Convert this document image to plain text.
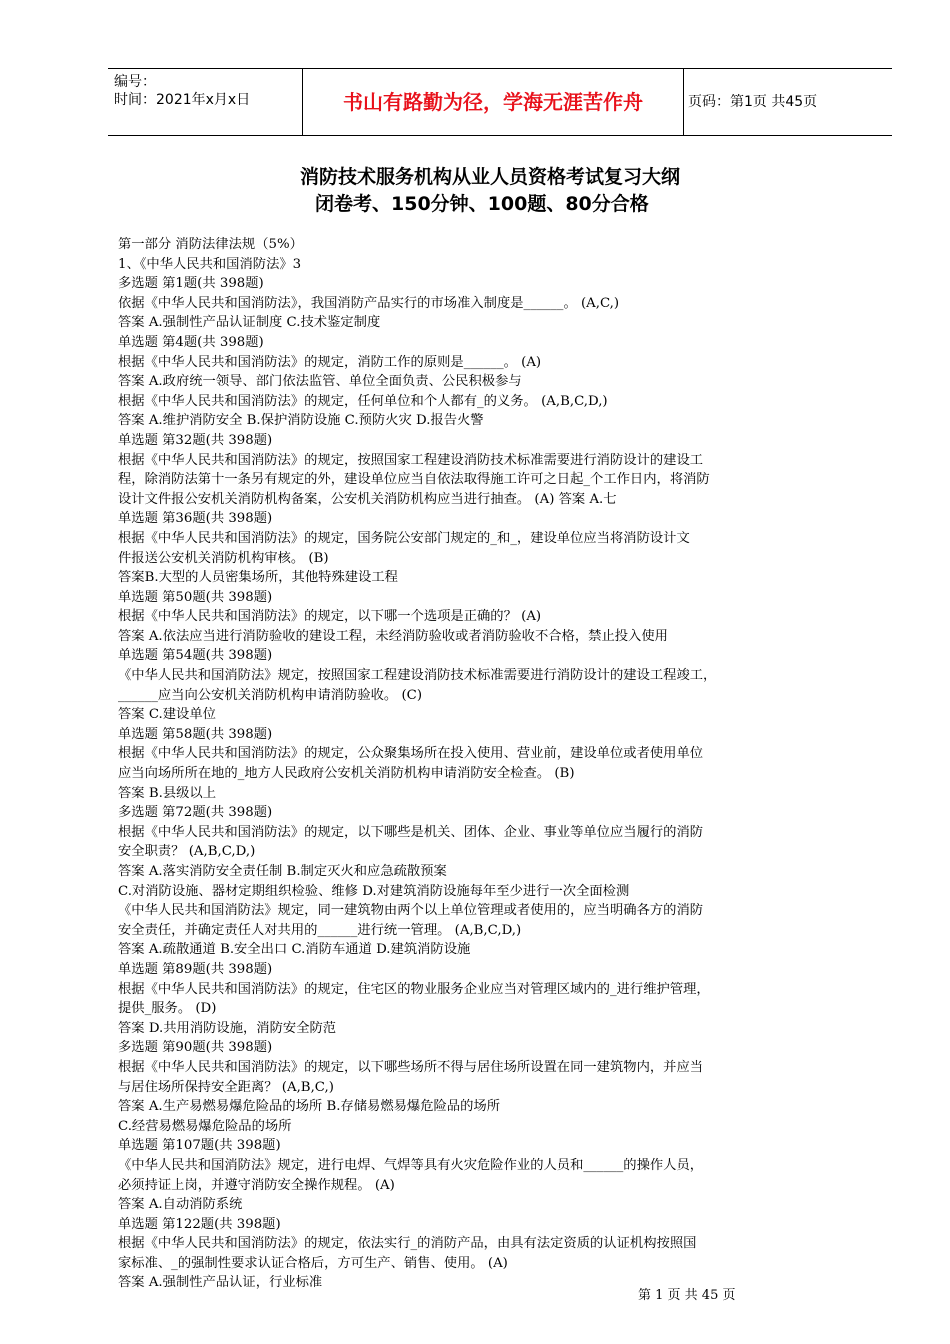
编号：
时间：2021年x月x日	书山有路勤为径，学海无涯苦作舟	页码：第1页 共45页
消防技术服务机构从业人员资格考试复习大纲
闭卷考、150分钟、100题、80分合格
第一部分 消防法律法规（5%）
1、《中华人民共和国消防法》3
多选题 第1题(共 398题)
依据《中华人民共和国消防法》，我国消防产品实行的市场准入制度是______。 (A,C,)
答案 A.强制性产品认证制度 C.技术鉴定制度
单选题 第4题(共 398题)
根据《中华人民共和国消防法》的规定，消防工作的原则是______。 (A)
答案 A.政府统一领导、部门依法监管、单位全面负责、公民积极参与
根据《中华人民共和国消防法》的规定，任何单位和个人都有_的义务。 (A,B,C,D,)
答案 A.维护消防安全 B.保护消防设施 C.预防火灾 D.报告火警
单选题 第32题(共 398题)
根据《中华人民共和国消防法》的规定，按照国家工程建设消防技术标准需要进行消防设计的建设工
程，除消防法第十一条另有规定的外，建设单位应当自依法取得施工许可之日起_个工作日内，将消防
设计文件报公安机关消防机构备案，公安机关消防机构应当进行抽查。 (A) 答案 A.七
单选题 第36题(共 398题)
根据《中华人民共和国消防法》的规定，国务院公安部门规定的_和_，建设单位应当将消防设计文
件报送公安机关消防机构审核。 (B)
答案B.大型的人员密集场所，其他特殊建设工程
单选题 第50题(共 398题)
根据《中华人民共和国消防法》的规定，以下哪一个选项是正确的？ (A)
答案 A.依法应当进行消防验收的建设工程，未经消防验收或者消防验收不合格，禁止投入使用
单选题 第54题(共 398题)
《中华人民共和国消防法》规定，按照国家工程建设消防技术标准需要进行消防设计的建设工程竣工，
______应当向公安机关消防机构申请消防验收。 (C)
答案 C.建设单位
单选题 第58题(共 398题)
根据《中华人民共和国消防法》的规定，公众聚集场所在投入使用、营业前，建设单位或者使用单位
应当向场所所在地的_地方人民政府公安机关消防机构申请消防安全检查。 (B)
答案 B.县级以上
多选题 第72题(共 398题)
根据《中华人民共和国消防法》的规定，以下哪些是机关、团体、企业、事业等单位应当履行的消防
安全职责？ (A,B,C,D,)
答案 A.落实消防安全责任制 B.制定灭火和应急疏散预案
C.对消防设施、器材定期组织检验、维修 D.对建筑消防设施每年至少进行一次全面检测
《中华人民共和国消防法》规定，同一建筑物由两个以上单位管理或者使用的，应当明确各方的消防
安全责任，并确定责任人对共用的______进行统一管理。 (A,B,C,D,)
答案 A.疏散通道 B.安全出口 C.消防车通道 D.建筑消防设施
单选题 第89题(共 398题)
根据《中华人民共和国消防法》的规定，住宅区的物业服务企业应当对管理区域内的_进行维护管理，
提供_服务。 (D)
答案 D.共用消防设施，消防安全防范
多选题 第90题(共 398题)
根据《中华人民共和国消防法》的规定，以下哪些场所不得与居住场所设置在同一建筑物内，并应当
与居住场所保持安全距离？ (A,B,C,)
答案 A.生产易燃易爆危险品的场所 B.存储易燃易爆危险品的场所
C.经营易燃易爆危险品的场所
单选题 第107题(共 398题)
《中华人民共和国消防法》规定，进行电焊、气焊等具有火灾危险作业的人员和______的操作人员，
必须持证上岗，并遵守消防安全操作规程。 (A)
答案 A.自动消防系统
单选题 第122题(共 398题)
根据《中华人民共和国消防法》的规定，依法实行_的消防产品，由具有法定资质的认证机构按照国
家标准、_的强制性要求认证合格后，方可生产、销售、使用。 (A)
答案 A.强制性产品认证，行业标准
第 1 页 共 45 页
